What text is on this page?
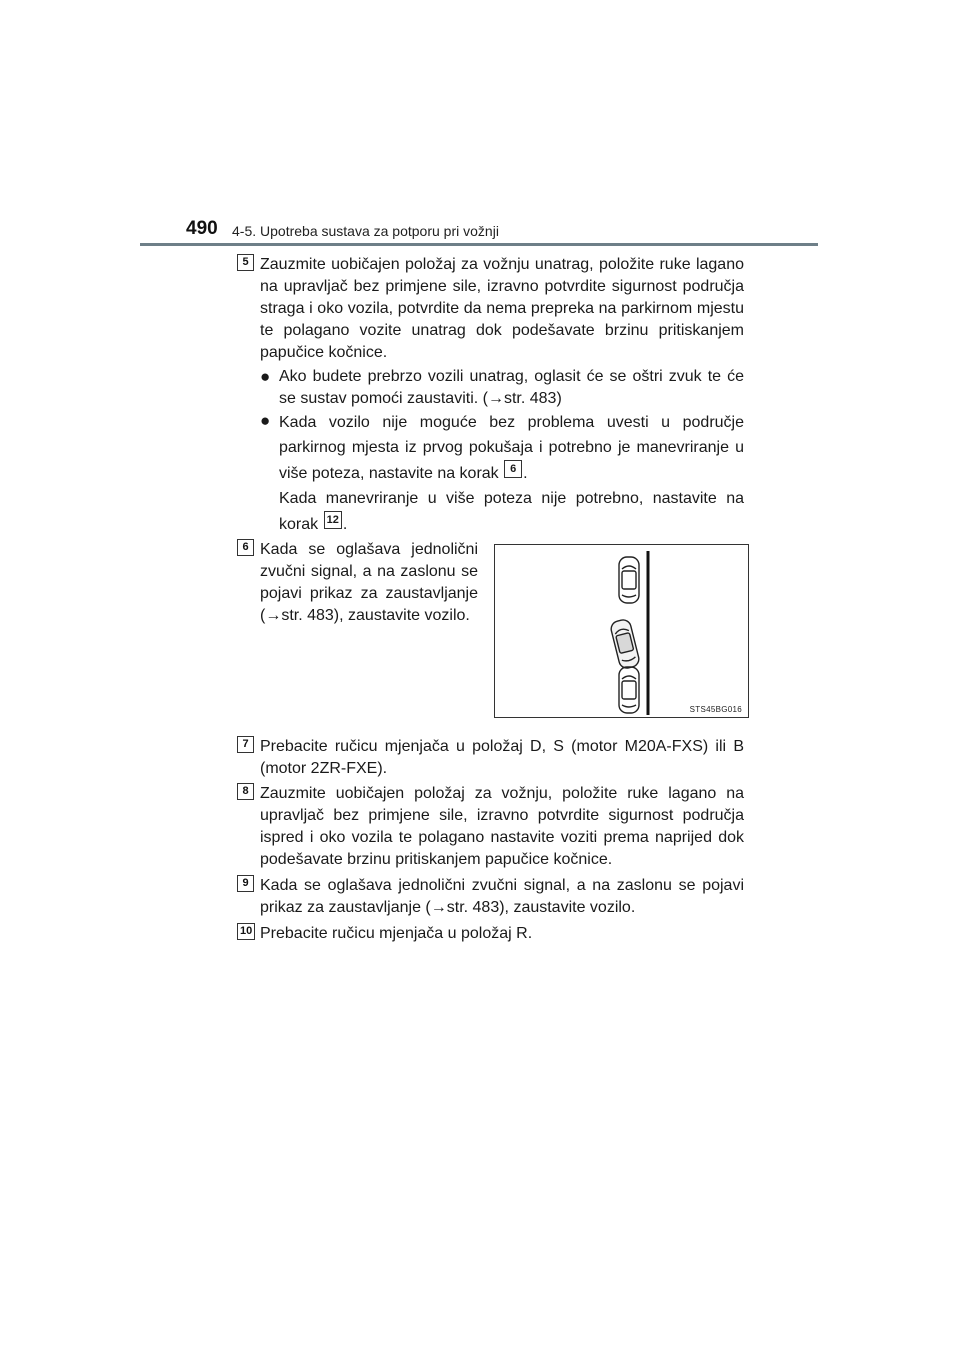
490 4-5. Upotreba sustava za potporu pri vožnji
5 Zauzmite uobičajen položaj za vožnju unatrag, položite ruke lagano na upravljač bez primjene sile, izravno potvrdite sigurnost područja straga i oko vozila, potvrdite da nema prepreka na parkirnom mjestu te polagano vozite unatrag dok podešavate brzinu pritiskanjem papučice kočnice.

● Ako budete prebrzo vozili unatrag, oglasit će se oštri zvuk te će se sustav pomoći zaustaviti. (→str. 483)
● Kada vozilo nije moguće bez problema uvesti u područje parkirnog mjesta iz prvog pokušaja i potrebno je manevriranje u više poteza, nastavite na korak 6 .
Kada manevriranje u više poteza nije potrebno, nastavite na korak 12 .
6 Kada se oglašava jednolični zvučni signal, a na zaslonu se pojavi prikaz za zaustavljanje (→str. 483), zaustavite vozilo.

STS45BG016
7 Prebacite ručicu mjenjača u položaj D, S (motor M20A-FXS) ili B (motor 2ZR-FXE).

8 Zauzmite uobičajen položaj za vožnju, položite ruke lagano na upravljač bez primjene sile, izravno potvrdite sigurnost područja ispred i oko vozila te polagano nastavite voziti prema naprijed dok podešavate brzinu pritiskanjem papučice kočnice.

9 Kada se oglašava jednolični zvučni signal, a na zaslonu se pojavi prikaz za zaustavljanje (→str. 483), zaustavite vozilo.

10 Prebacite ručicu mjenjača u položaj R.
